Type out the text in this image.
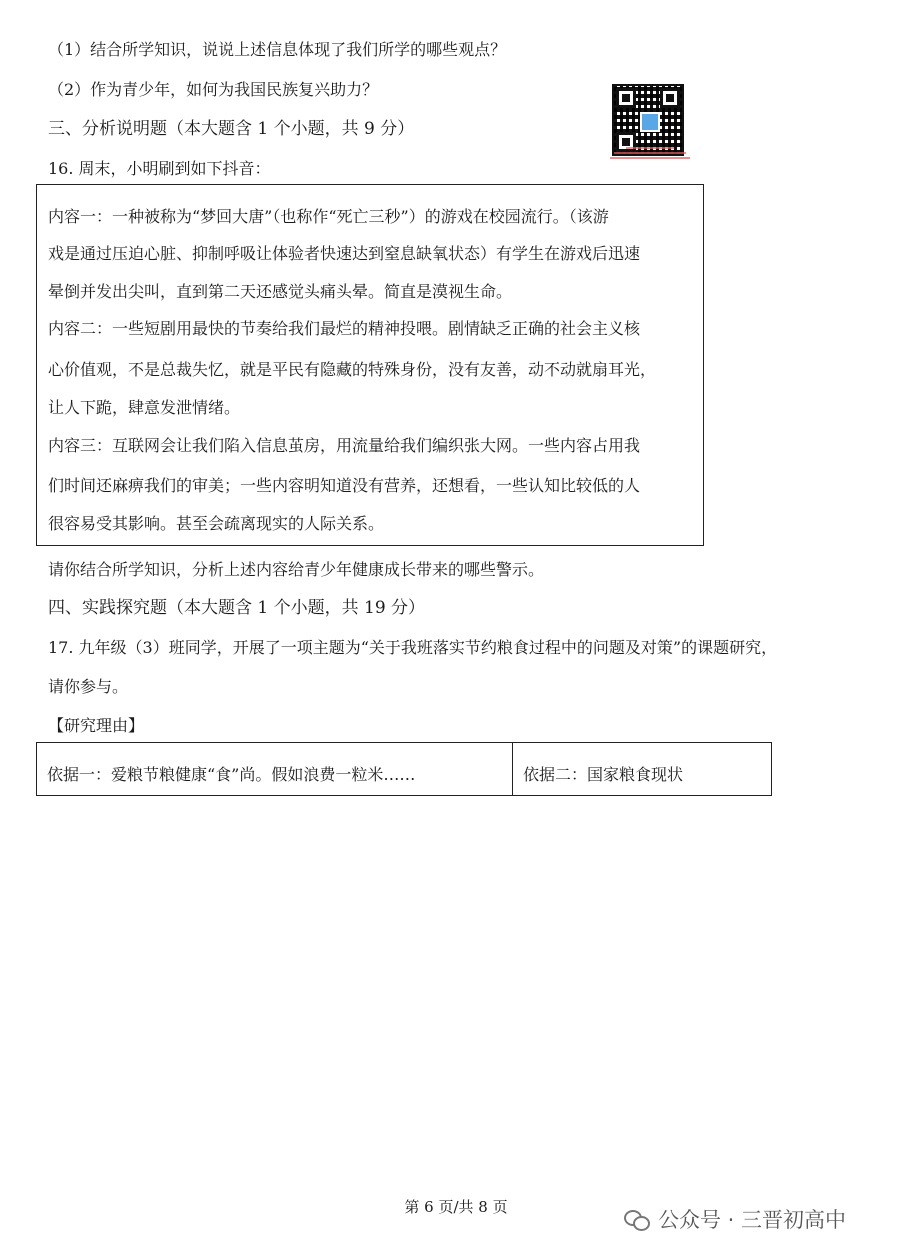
（1）结合所学知识，说说上述信息体现了我们所学的哪些观点？
（2）作为青少年，如何为我国民族复兴助力？
三、分析说明题（本大题含 1 个小题，共 9 分）
16. 周末，小明刷到如下抖音：
内容一：一种被称为“梦回大唐”（也称作“死亡三秒”）的游戏在校园流行。（该游
戏是通过压迫心脏、抑制呼吸让体验者快速达到窒息缺氧状态）有学生在游戏后迅速
晕倒并发出尖叫，直到第二天还感觉头痛头晕。简直是漠视生命。
内容二：一些短剧用最快的节奏给我们最烂的精神投喂。剧情缺乏正确的社会主义核
心价值观，不是总裁失忆，就是平民有隐藏的特殊身份，没有友善，动不动就扇耳光，
让人下跪，肆意发泄情绪。
内容三：互联网会让我们陷入信息茧房，用流量给我们编织张大网。一些内容占用我
们时间还麻痹我们的审美；一些内容明知道没有营养，还想看，一些认知比较低的人
很容易受其影响。甚至会疏离现实的人际关系。
请你结合所学知识，分析上述内容给青少年健康成长带来的哪些警示。
四、实践探究题（本大题含 1 个小题，共 19 分）
17. 九年级（3）班同学，开展了一项主题为“关于我班落实节约粮食过程中的问题及对策”的课题研究，
请你参与。
【研究理由】
依据一：爱粮节粮健康“食”尚。假如浪费一粒米……	依据二：国家粮食现状
第 6 页/共 8 页
公众号 · 三晋初高中
